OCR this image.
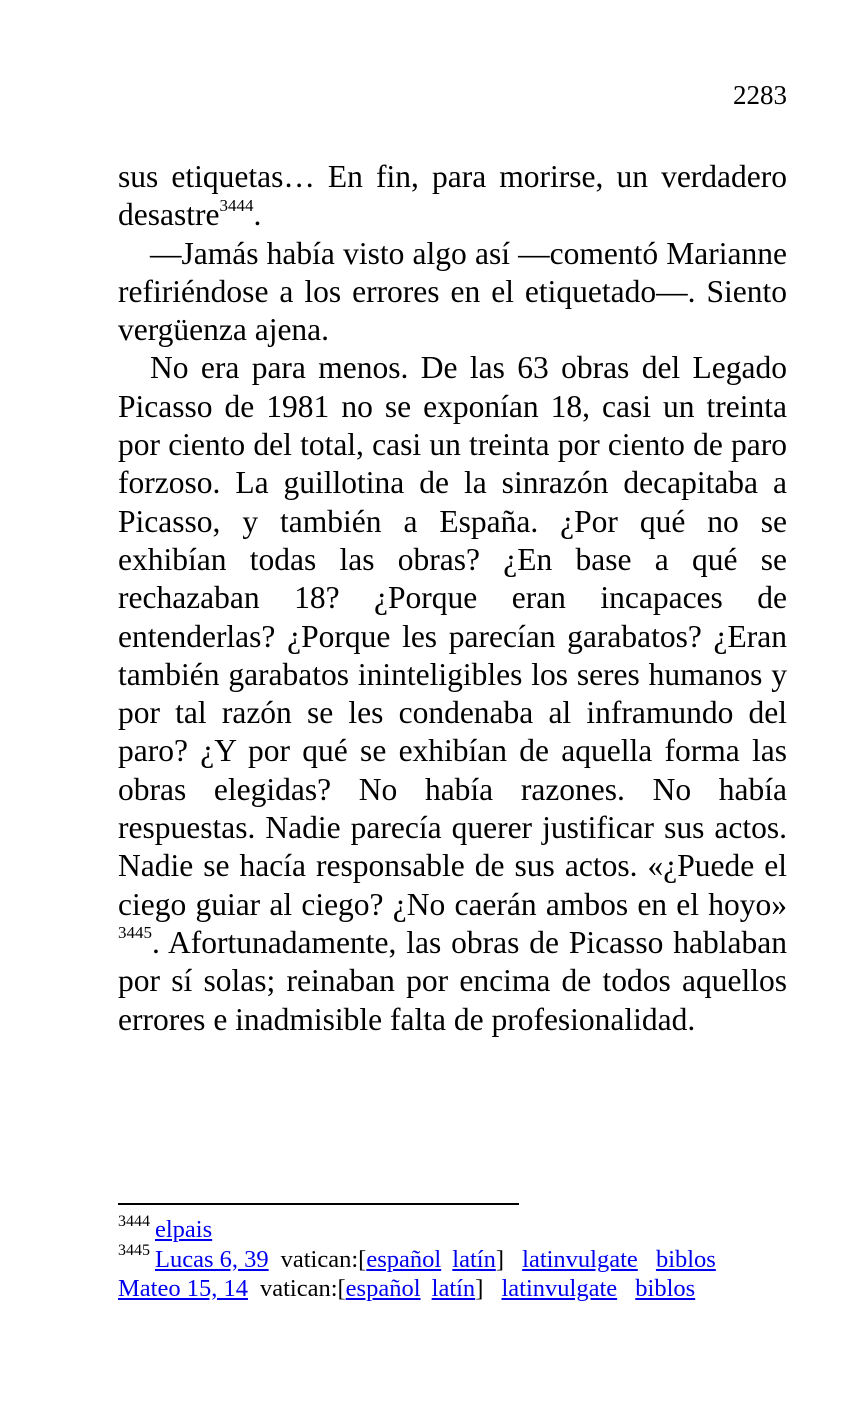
2283

sus etiquetas… En fin, para morirse, un verdadero desastre$^{3444}$.

—Jamás había visto algo así —comentó Marianne refiriéndose a los errores en el etiquetado—. Siento vergüenza ajena.

No era para menos. De las 63 obras del Legado Picasso de 1981 no se exponían 18, casi un treinta por ciento del total, casi un treinta por ciento de paro forzoso. La guillotina de la sinrazón decapitaba a Picasso, y también a España. ¿Por qué no se exhibían todas las obras? ¿En base a qué se rechazaban 18? ¿Porque eran incapaces de entenderlas? ¿Porque les parecían garabatos? ¿Eran también garabatos ininteligibles los seres humanos y por tal razón se les condenaba al inframundo del paro? ¿Y por qué se exhibían de aquella forma las obras elegidas? No había razones. No había respuestas. Nadie parecía querer justificar sus actos. Nadie se hacía responsable de sus actos. «¿Puede el ciego guiar al ciego? ¿No caerán ambos en el hoyo» $^{3445}$. Afortunadamente, las obras de Picasso hablaban por sí solas; reinaban por encima de todos aquellos errores e inadmisible falta de profesionalidad.

$^{3444}$ elpais
$^{3445}$ Lucas 6, 39 vatican:[español latín] latinvulgate biblos
Mateo 15, 14 vatican:[español latín] latinvulgate biblos
